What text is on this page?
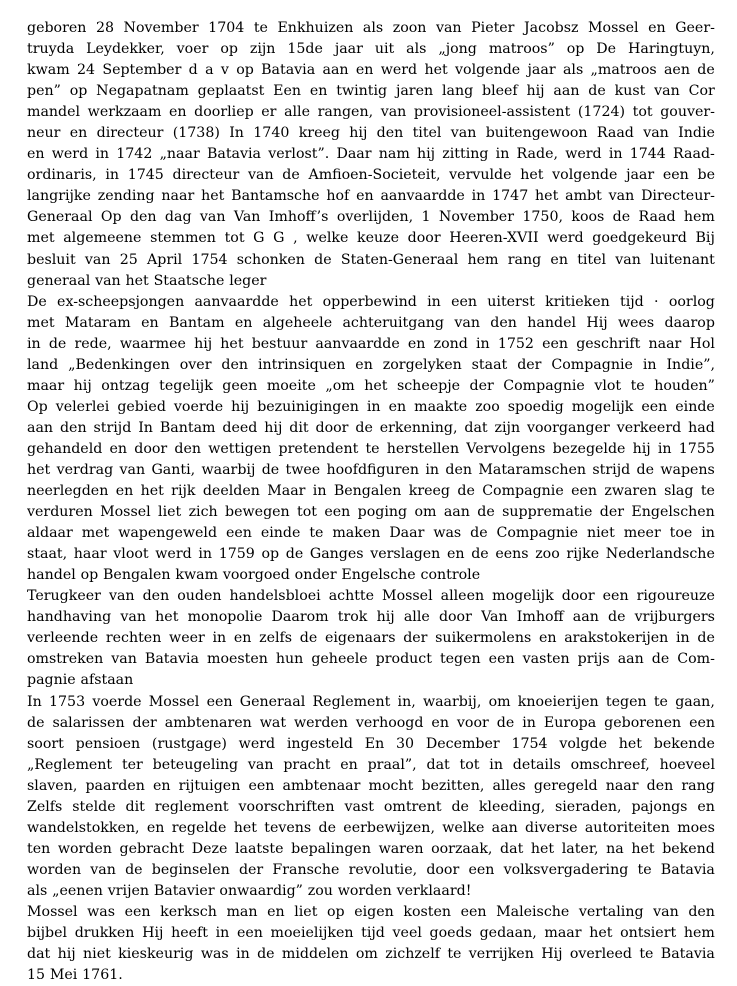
geboren 28 November 1704 te Enkhuizen als zoon van Pieter Jacobsz Mossel en Geer-
truyda Leydekker, voer op zijn 15de jaar uit als „jong matroos” op De Haringtuyn,
kwam 24 September d a v op Batavia aan en werd het volgende jaar als „matroos aen de
pen” op Negapatnam geplaatst Een en twintig jaren lang bleef hij aan de kust van Cor
mandel werkzaam en doorliep er alle rangen, van provisioneel-assistent (1724) tot gouver-
neur en directeur (1738) In 1740 kreeg hij den titel van buitengewoon Raad van Indie
en werd in 1742 „naar Batavia verlost”. Daar nam hij zitting in Rade, werd in 1744 Raad-
ordinaris, in 1745 directeur van de Amfioen-Societeit, vervulde het volgende jaar een be
langrijke zending naar het Bantamsche hof en aanvaardde in 1747 het ambt van Directeur-
Generaal Op den dag van Van Imhoff’s overlijden, 1 November 1750, koos de Raad hem
met algemeene stemmen tot G G , welke keuze door Heeren-XVII werd goedgekeurd Bij
besluit van 25 April 1754 schonken de Staten-Generaal hem rang en titel van luitenant
generaal van het Staatsche leger
De ex-scheepsjongen aanvaardde het opperbewind in een uiterst kritieken tijd · oorlog
met Mataram en Bantam en algeheele achteruitgang van den handel Hij wees daarop
in de rede, waarmee hij het bestuur aanvaardde en zond in 1752 een geschrift naar Hol
land „Bedenkingen over den intrinsiquen en zorgelyken staat der Compagnie in Indie”,
maar hij ontzag tegelijk geen moeite „om het scheepje der Compagnie vlot te houden”
Op velerlei gebied voerde hij bezuinigingen in en maakte zoo spoedig mogelijk een einde
aan den strijd In Bantam deed hij dit door de erkenning, dat zijn voorganger verkeerd had
gehandeld en door den wettigen pretendent te herstellen Vervolgens bezegelde hij in 1755
het verdrag van Ganti, waarbij de twee hoofdfiguren in den Mataramschen strijd de wapens
neerlegden en het rijk deelden Maar in Bengalen kreeg de Compagnie een zwaren slag te
verduren Mossel liet zich bewegen tot een poging om aan de supprematie der Engelschen
aldaar met wapengeweld een einde te maken Daar was de Compagnie niet meer toe in
staat, haar vloot werd in 1759 op de Ganges verslagen en de eens zoo rijke Nederlandsche
handel op Bengalen kwam voorgoed onder Engelsche controle
Terugkeer van den ouden handelsbloei achtte Mossel alleen mogelijk door een rigoureuze
handhaving van het monopolie Daarom trok hij alle door Van Imhoff aan de vrijburgers
verleende rechten weer in en zelfs de eigenaars der suikermolens en arakstokerijen in de
omstreken van Batavia moesten hun geheele product tegen een vasten prijs aan de Com-
pagnie afstaan
In 1753 voerde Mossel een Generaal Reglement in, waarbij, om knoeierijen tegen te gaan,
de salarissen der ambtenaren wat werden verhoogd en voor de in Europa geborenen een
soort pensioen (rustgage) werd ingesteld En 30 December 1754 volgde het bekende
„Reglement ter beteugeling van pracht en praal”, dat tot in details omschreef, hoeveel
slaven, paarden en rijtuigen een ambtenaar mocht bezitten, alles geregeld naar den rang
Zelfs stelde dit reglement voorschriften vast omtrent de kleeding, sieraden, pajongs en
wandelstokken, en regelde het tevens de eerbewijzen, welke aan diverse autoriteiten moes
ten worden gebracht Deze laatste bepalingen waren oorzaak, dat het later, na het bekend
worden van de beginselen der Fransche revolutie, door een volksvergadering te Batavia
als „eenen vrijen Batavier onwaardig” zou worden verklaard!
Mossel was een kerksch man en liet op eigen kosten een Maleische vertaling van den
bijbel drukken Hij heeft in een moeielijken tijd veel goeds gedaan, maar het ontsiert hem
dat hij niet kieskeurig was in de middelen om zichzelf te verrijken Hij overleed te Batavia
15 Mei 1761.
